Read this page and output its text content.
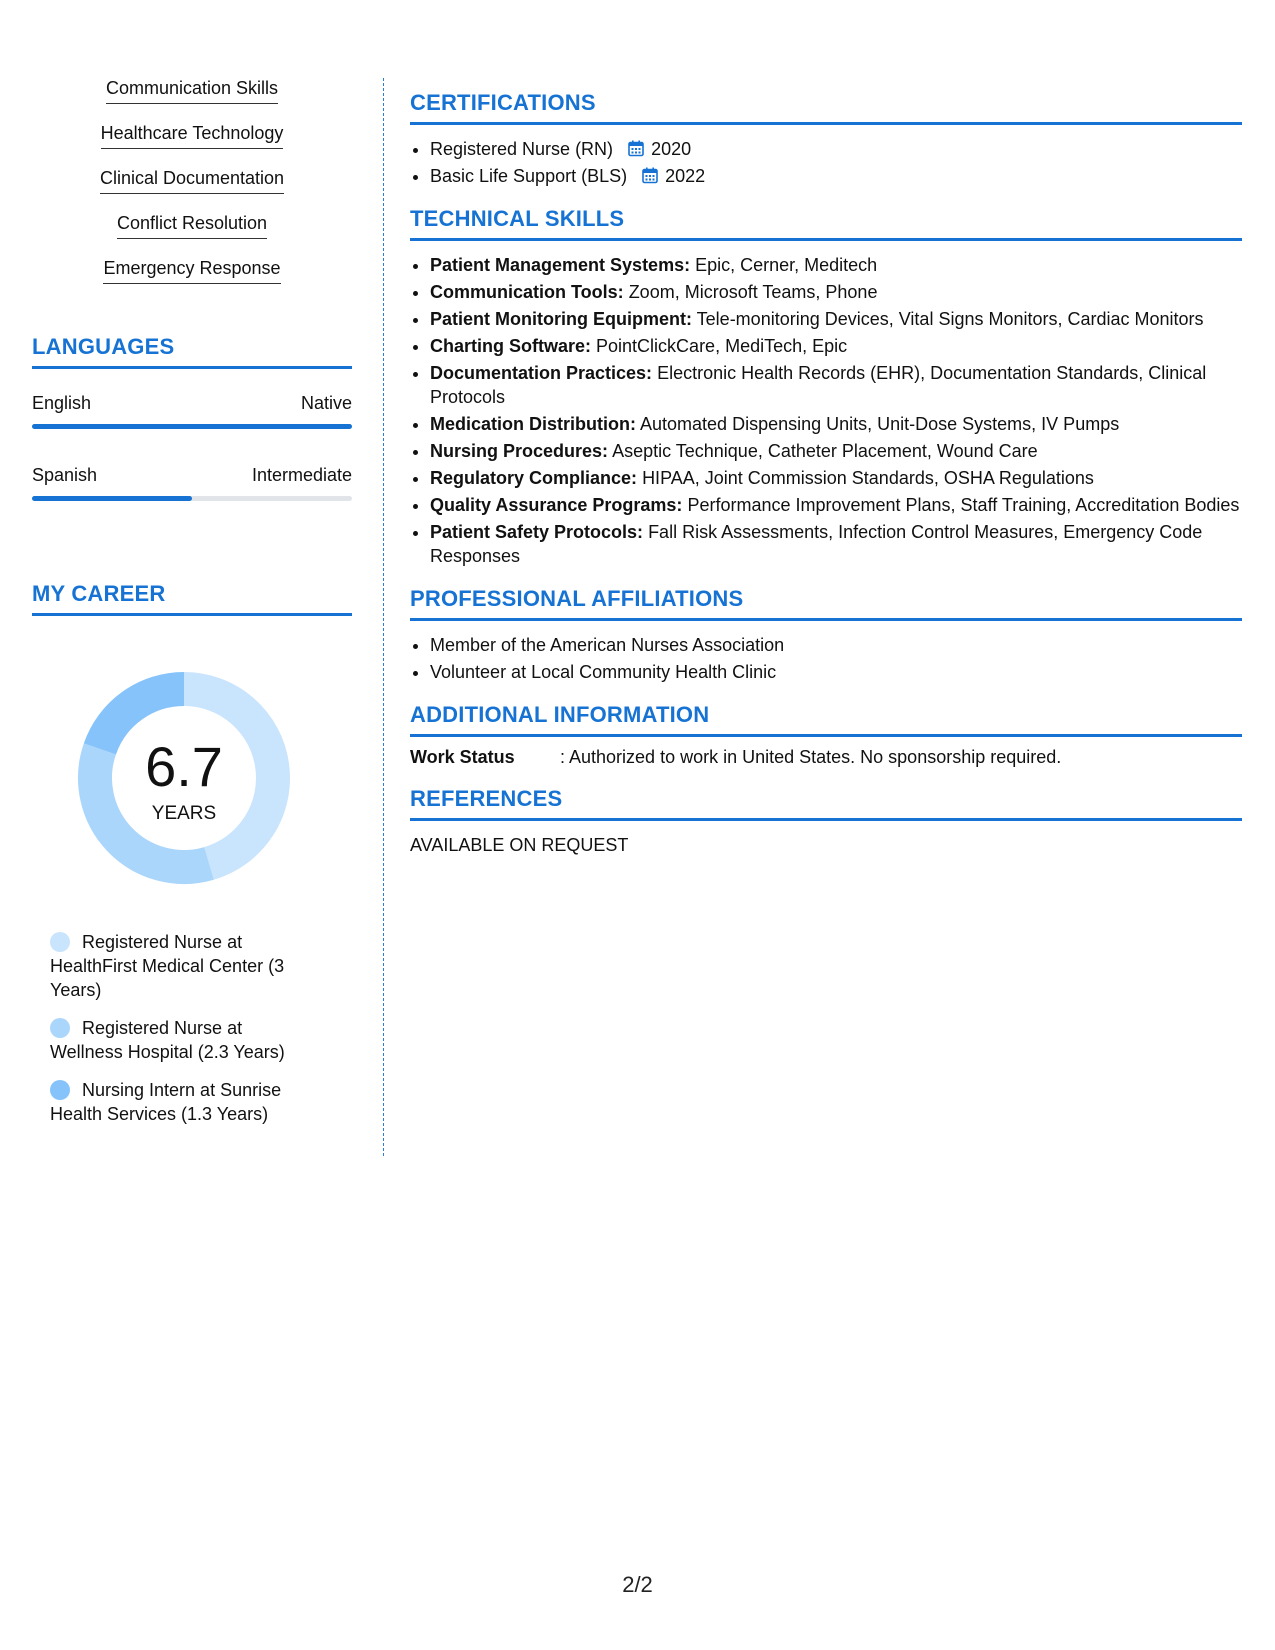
Communication Skills
Healthcare Technology
Clinical Documentation
Conflict Resolution
Emergency Response
LANGUAGES
English	Native
Spanish	Intermediate
MY CAREER
6.7
YEARS
Registered Nurse at HealthFirst Medical Center (3 Years)
Registered Nurse at Wellness Hospital (2.3 Years)
Nursing Intern at Sunrise Health Services (1.3 Years)
CERTIFICATIONS
• Registered Nurse (RN) 2020
• Basic Life Support (BLS) 2022
TECHNICAL SKILLS
• Patient Management Systems: Epic, Cerner, Meditech
• Communication Tools: Zoom, Microsoft Teams, Phone
• Patient Monitoring Equipment: Tele-monitoring Devices, Vital Signs Monitors, Cardiac Monitors
• Charting Software: PointClickCare, MediTech, Epic
• Documentation Practices: Electronic Health Records (EHR), Documentation Standards, Clinical Protocols
• Medication Distribution: Automated Dispensing Units, Unit-Dose Systems, IV Pumps
• Nursing Procedures: Aseptic Technique, Catheter Placement, Wound Care
• Regulatory Compliance: HIPAA, Joint Commission Standards, OSHA Regulations
• Quality Assurance Programs: Performance Improvement Plans, Staff Training, Accreditation Bodies
• Patient Safety Protocols: Fall Risk Assessments, Infection Control Measures, Emergency Code Responses
PROFESSIONAL AFFILIATIONS
• Member of the American Nurses Association
• Volunteer at Local Community Health Clinic
ADDITIONAL INFORMATION
Work Status	: Authorized to work in United States. No sponsorship required.
REFERENCES
AVAILABLE ON REQUEST
2/2
